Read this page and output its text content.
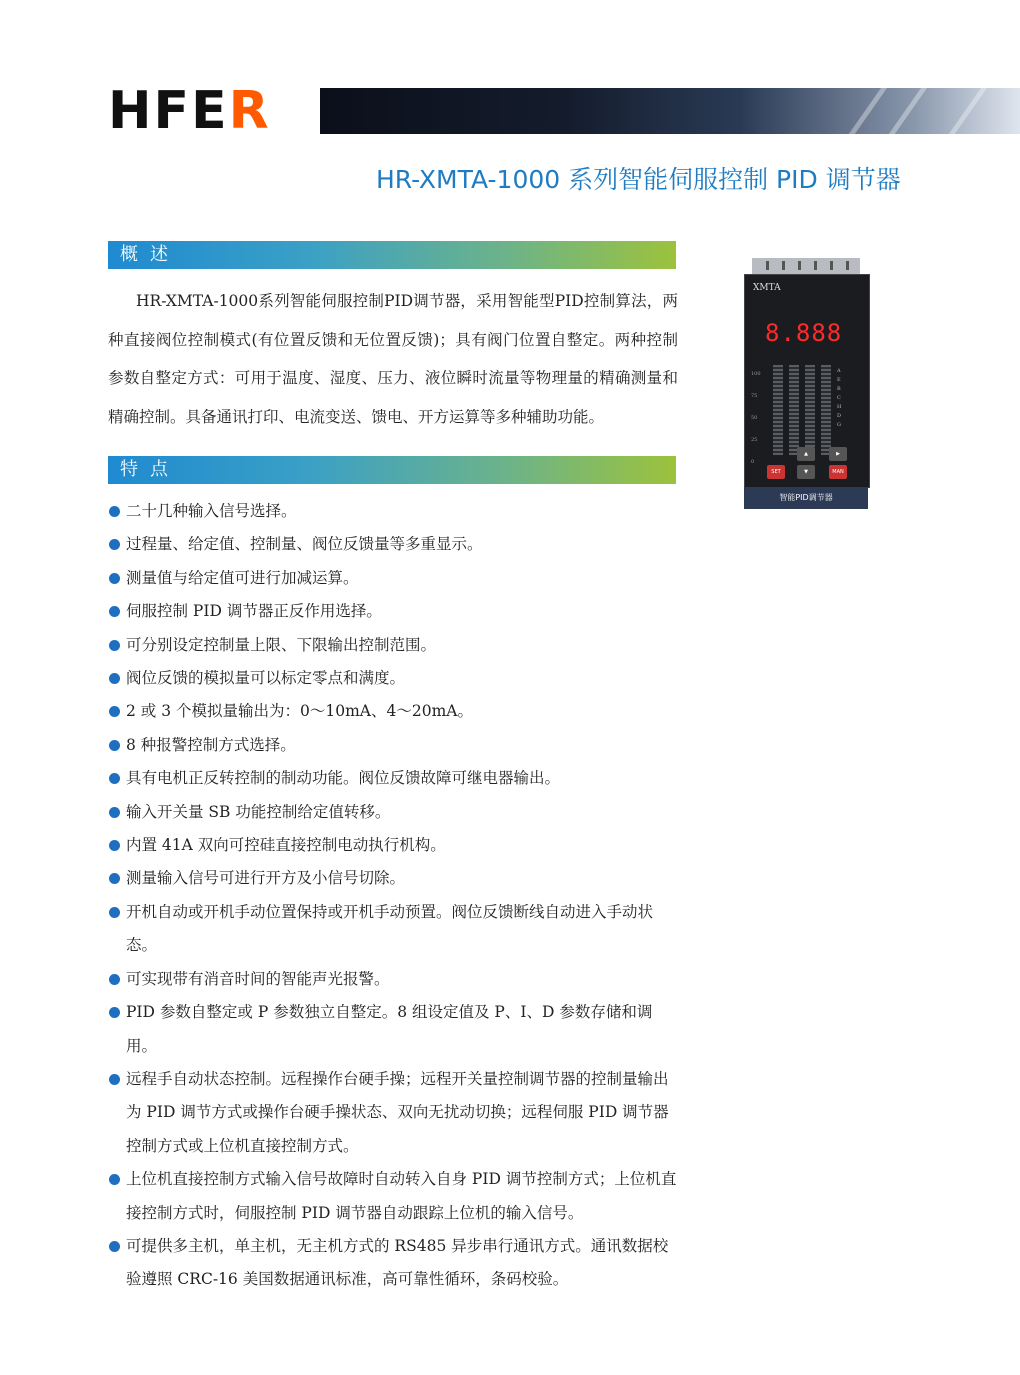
H F E R
HR-XMTA-1000 系列智能伺服控制 PID 调节器
概述

HR-XMTA-1000系列智能伺服控制PID调节器，采用智能型PID控制算法，两种直接阀位控制模式(有位置反馈和无位置反馈)；具有阀门位置自整定。两种控制参数自整定方式：可用于温度、湿度、压力、液位瞬时流量等物理量的精确测量和精确控制。具备通讯打印、电流变送、馈电、开方运算等多种辅助功能。

特点
二十几种输入信号选择。
过程量、给定值、控制量、阀位反馈量等多重显示。
测量值与给定值可进行加减运算。
伺服控制 PID 调节器正反作用选择。
可分别设定控制量上限、下限输出控制范围。
阀位反馈的模拟量可以标定零点和满度。
2 或 3 个模拟量输出为：0～10mA、4～20mA。
8 种报警控制方式选择。
具有电机正反转控制的制动功能。阀位反馈故障可继电器输出。
输入开关量 SB 功能控制给定值转移。
内置 41A 双向可控硅直接控制电动执行机构。
测量输入信号可进行开方及小信号切除。
开机自动或开机手动位置保持或开机手动预置。阀位反馈断线自动进入手动状态。
可实现带有消音时间的智能声光报警。
PID 参数自整定或 P 参数独立自整定。8 组设定值及 P、I、D 参数存储和调用。
远程手自动状态控制。远程操作台硬手操；远程开关量控制调节器的控制量输出为 PID 调节方式或操作台硬手操状态、双向无扰动切换；远程伺服 PID 调节器控制方式或上位机直接控制方式。
上位机直接控制方式输入信号故障时自动转入自身 PID 调节控制方式；上位机直接控制方式时，伺服控制 PID 调节器自动跟踪上位机的输入信号。
可提供多主机，单主机，无主机方式的 RS485 异步串行通讯方式。通讯数据校验遵照 CRC-16 美国数据通讯标准，高可靠性循环，条码校验。
XMTA
8.888
100
75
50
25
0
A
E
B
C
H
D
G
▲	▶
SET	▼	MAN
智能PID调节器
